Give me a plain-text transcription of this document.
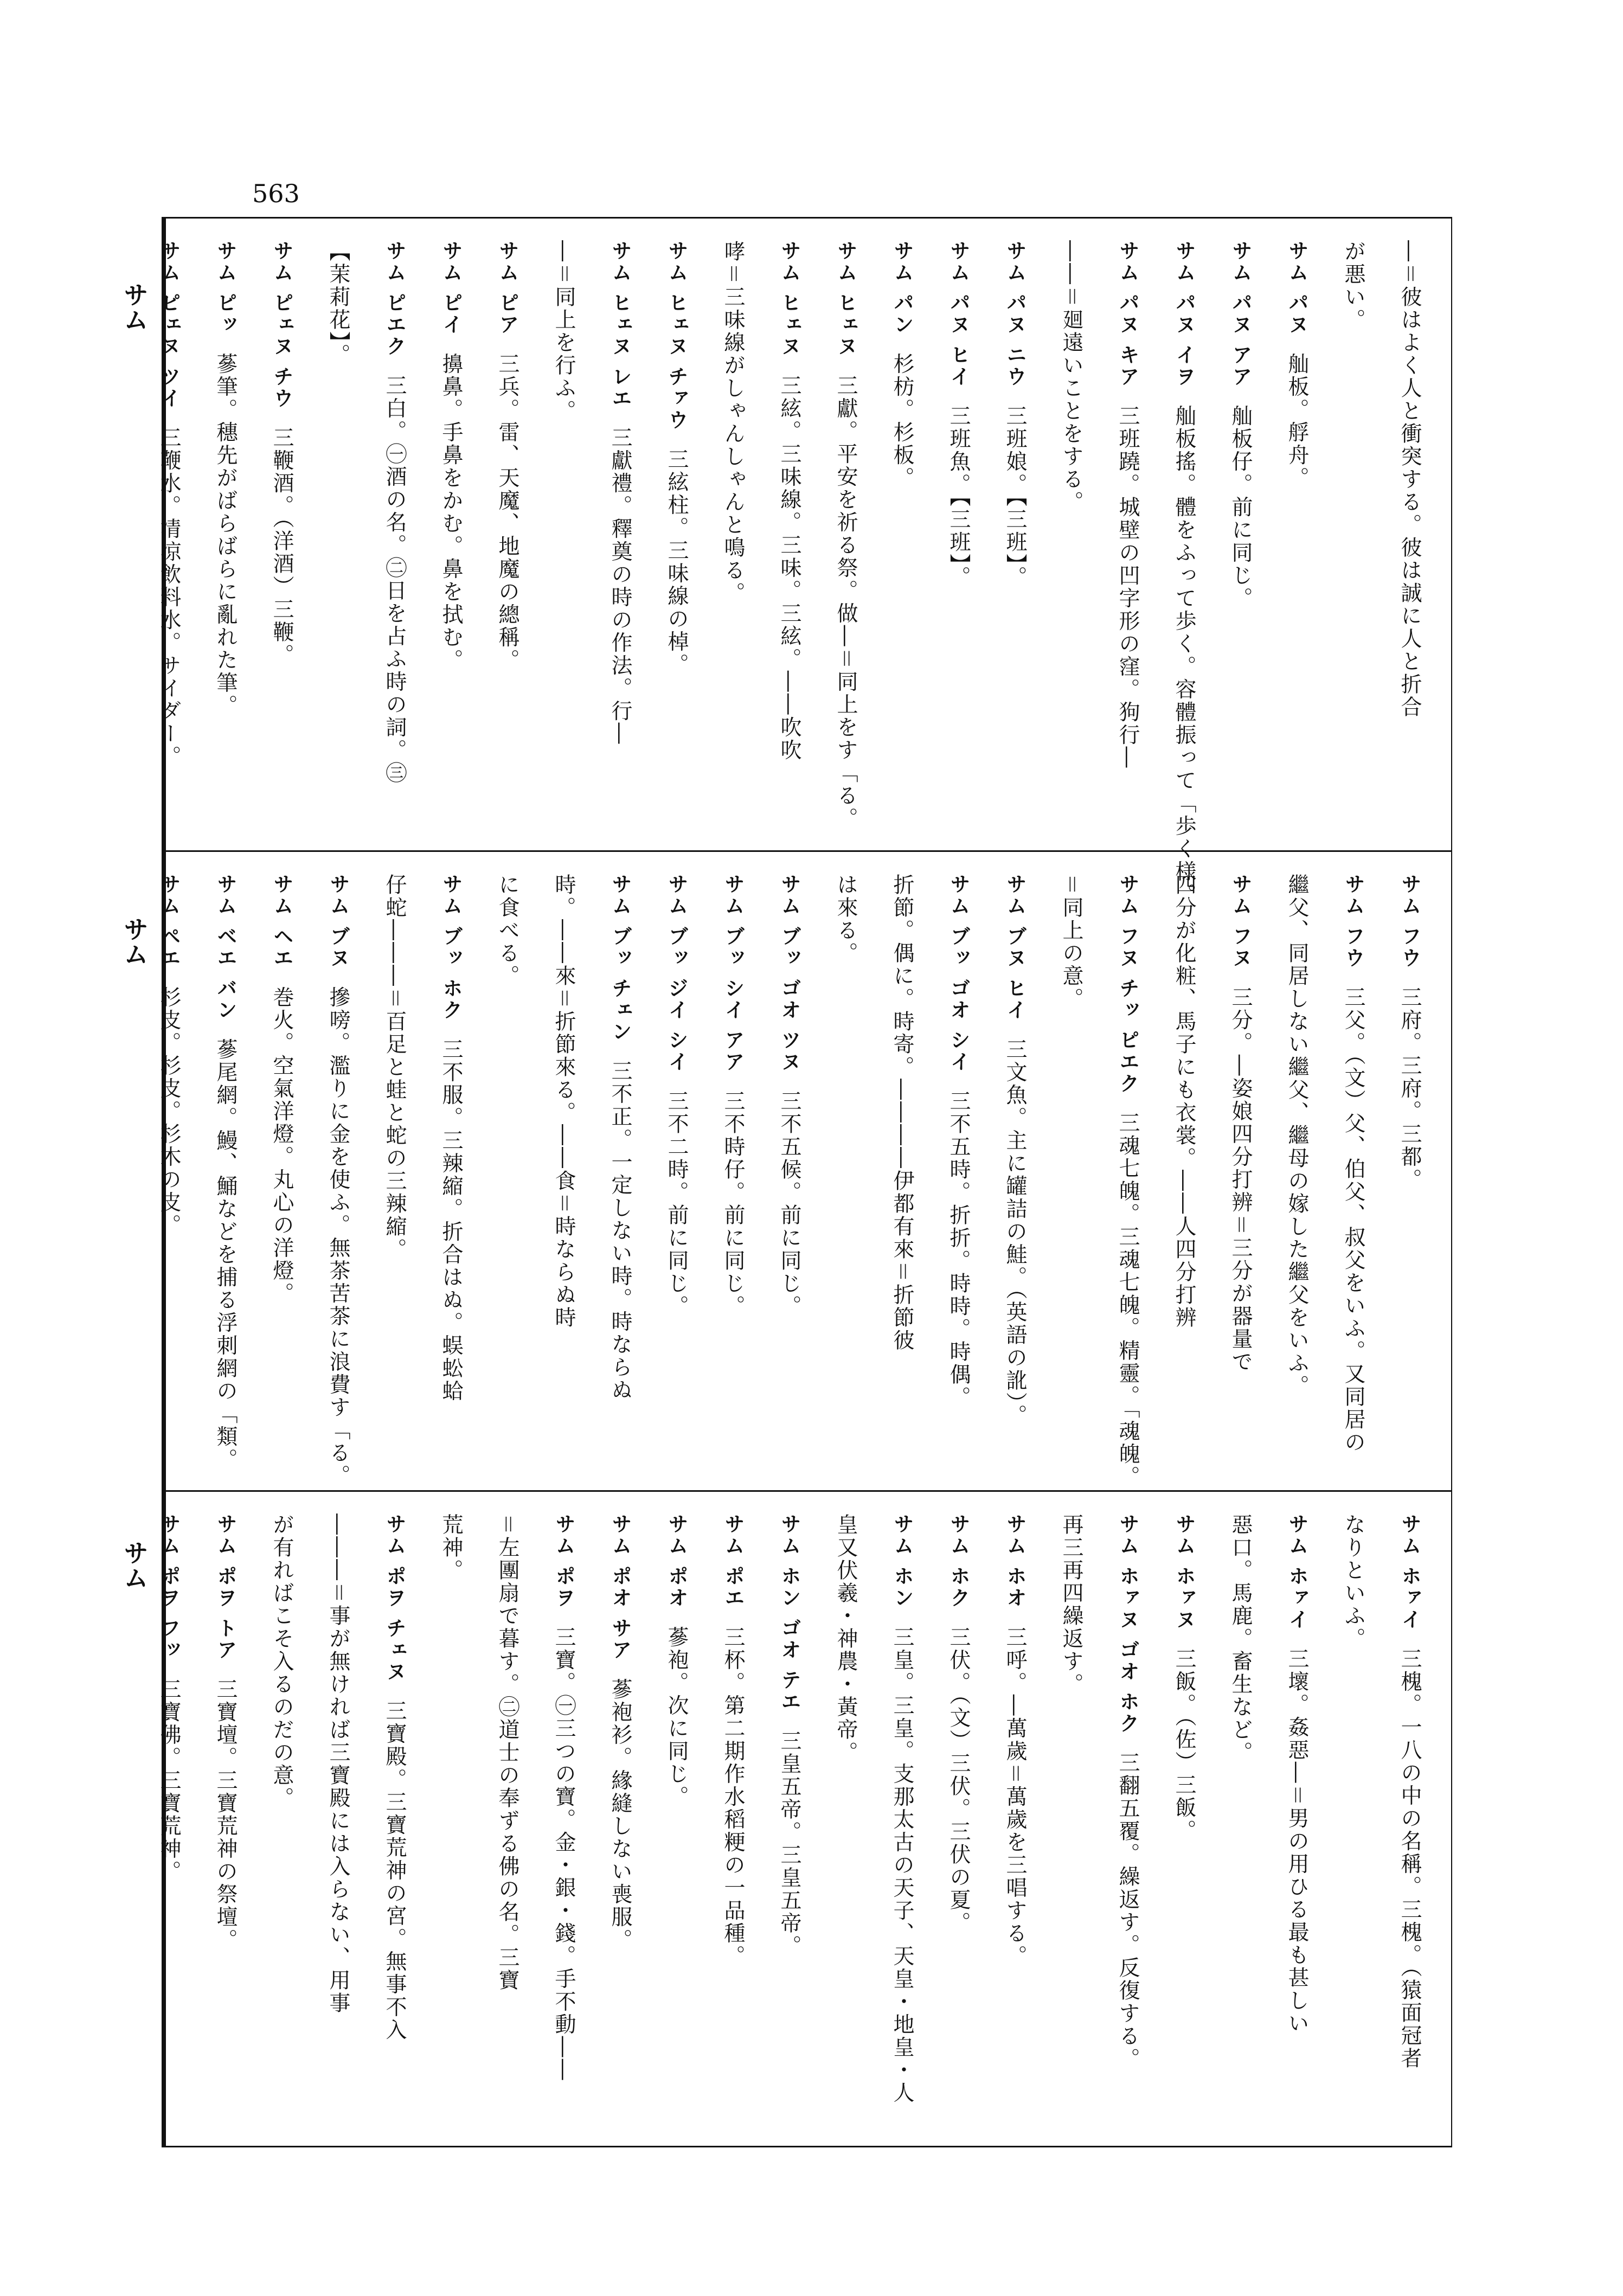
563
サム
サム
サム
―＝彼はよく人と衝突する。彼は誠に人と折合
が悪い。
サム パヌ舢板。艀舟。
サム パヌ アア舢板仔。前に同じ。
サム パヌ イヲ舢板搖。體をふって歩く。容體振って「歩く様。
サム パヌ キア三班蹺。城壁の凹字形の窪。狗行―
――＝廻遠いことをする。
サム パヌ ニウ三班娘。【三班】。
サム パヌ ヒイ三班魚。【三班】。
サム パン杉枋。杉板。
サム ヒェヌ三獻。平安を祈る祭。做―＝同上をす「る。
サム ヒェヌ三絃。三味線。三味。三絃。――吹吹
哮＝三味線がしゃんしゃんと鳴る。
サム ヒェヌ チァウ三絃柱。三味線の棹。
サム ヒェヌ レエ三獻禮。釋奠の時の作法。行―
―＝同上を行ふ。
サム ピア三兵。雷、天魔、地魔の總稱。
サム ピイ擤鼻。手鼻をかむ。鼻を拭む。
サム ピエク三白。㊀酒の名。㊁日を占ふ時の詞。㊂
【茉莉花】。
サム ピェヌ チウ三鞭酒。（洋酒）三鞭。
サム ピッ蔘筆。穗先がばらばらに亂れた筆。
サム ピェヌ ツイ三鞭水。清凉飲料水。サイダー。
サム フウ三府。三府。三都。
サム フウ三父。（文）父、伯父、叔父をいふ。又同居の
繼父、同居しない繼父、繼母の嫁した繼父をいふ。
サム フヌ三分。―姿娘四分打辨＝三分が器量で
四分が化粧、馬子にも衣裳。――人四分打辨
サム フヌ チッ ピエク三魂七魄。三魂七魄。精靈。「魂魄。
＝同上の意。
サム ブヌ ヒイ三文魚。主に罐詰の鮭。（英語の訛）。
サム ブッ ゴオ シイ三不五時。折折。時時。時偶。
折節。偶に。時寄。――――伊都有來＝折節彼
は來る。
サム ブッ ゴオ ツヌ三不五候。前に同じ。
サム ブッ シイ アア三不時仔。前に同じ。
サム ブッ ジイ シイ三不二時。前に同じ。
サム ブッ チェン三不正。一定しない時。時ならぬ
時。――來＝折節來る。――食＝時ならぬ時
に食べる。
サム ブッ ホク三不服。三辣縮。折合はぬ。蜈蚣蛤
仔蛇―――＝百足と蛙と蛇の三辣縮。
サム ブヌ摻嗙。濫りに金を使ふ。無茶苦茶に浪費す「る。
サム ヘエ巻火。空氣洋燈。丸心の洋燈。
サム ベエ バン蔘尾網。鰻、鯒などを捕る浮刺網の「類。
サム ペエ杉皮。杉皮。杉木の皮。
サム ホァイ三槐。一八の中の名稱。三槐。（猿面冠者
なりといふ。
サム ホァイ三壞。姦惡―＝男の用ひる最も甚しい
惡口。馬鹿。畜生など。
サム ホァヌ三飯。（佐）三飯。
サム ホァヌ ゴオ ホク三翻五覆。繰返す。反復する。
再三再四繰返す。
サム ホオ三呼。―萬歲＝萬歲を三唱する。
サム ホク三伏。（文）三伏。三伏の夏。
サム ホン三皇。三皇。支那太古の天子、天皇・地皇・人
皇又伏羲・神農・黃帝。
サム ホン ゴオ テエ三皇五帝。三皇五帝。
サム ポエ三杯。第二期作水稻粳の一品種。
サム ポオ蔘袍。次に同じ。
サム ポオ サア蔘袍衫。緣縫しない喪服。
サム ポヲ三寶。㊀三つの寶。金・銀・錢。手不動――
＝左團扇で暮す。㊁道士の奉ずる佛の名。三寶
荒神。
サム ポヲ チェヌ三寶殿。三寶荒神の宮。無事不入
―――＝事が無ければ三寶殿には入らない、用事
が有ればこそ入るのだの意。
サム ポヲ トア三寶壇。三寶荒神の祭壇。
サム ポヲ フッ三寶佛。三寶荒神。
